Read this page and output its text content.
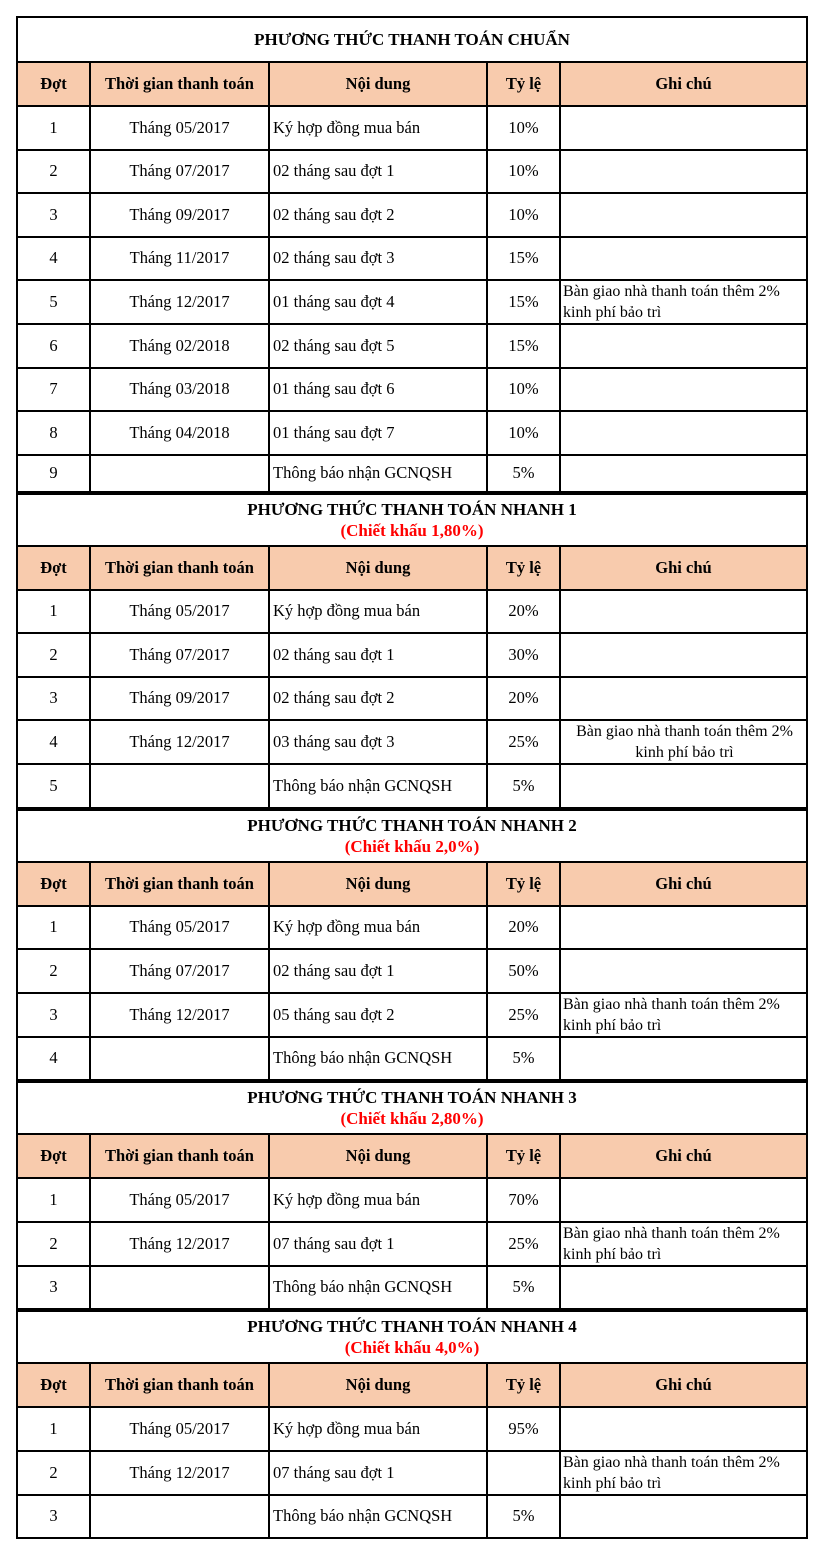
PHƯƠNG THỨC THANH TOÁN CHUẨN				
Đợt	Thời gian thanh toán	Nội dung	Tỷ lệ	Ghi chú
1	Tháng 05/2017	Ký hợp đồng mua bán	10%	
2	Tháng 07/2017	02 tháng sau đợt 1	10%	
3	Tháng 09/2017	02 tháng sau đợt 2	10%	
4	Tháng 11/2017	02 tháng sau đợt 3	15%	
5	Tháng 12/2017	01 tháng sau đợt 4	15%	Bàn giao nhà thanh toán thêm 2% kinh phí bảo trì
6	Tháng 02/2018	02 tháng sau đợt 5	15%	
7	Tháng 03/2018	01 tháng sau đợt 6	10%	
8	Tháng 04/2018	01 tháng sau đợt 7	10%	
9		Thông báo nhận GCNQSH	5%	
PHƯƠNG THỨC THANH TOÁN NHANH 1
(Chiết khấu 1,80%)				

Đợt	Thời gian thanh toán	Nội dung	Tỷ lệ	Ghi chú
1	Tháng 05/2017	Ký hợp đồng mua bán	20%	
2	Tháng 07/2017	02 tháng sau đợt 1	30%	
3	Tháng 09/2017	02 tháng sau đợt 2	20%	
4	Tháng 12/2017	03 tháng sau đợt 3	25%	Bàn giao nhà thanh toán thêm 2% kinh phí bảo trì
5		Thông báo nhận GCNQSH	5%	
PHƯƠNG THỨC THANH TOÁN NHANH 2
(Chiết khấu 2,0%)				

Đợt	Thời gian thanh toán	Nội dung	Tỷ lệ	Ghi chú
1	Tháng 05/2017	Ký hợp đồng mua bán	20%	
2	Tháng 07/2017	02 tháng sau đợt 1	50%	
3	Tháng 12/2017	05 tháng sau đợt 2	25%	Bàn giao nhà thanh toán thêm 2% kinh phí bảo trì
4		Thông báo nhận GCNQSH	5%	
PHƯƠNG THỨC THANH TOÁN NHANH 3
(Chiết khấu 2,80%)				

Đợt	Thời gian thanh toán	Nội dung	Tỷ lệ	Ghi chú
1	Tháng 05/2017	Ký hợp đồng mua bán	70%	
2	Tháng 12/2017	07 tháng sau đợt 1	25%	Bàn giao nhà thanh toán thêm 2% kinh phí bảo trì
3		Thông báo nhận GCNQSH	5%	
PHƯƠNG THỨC THANH TOÁN NHANH 4
(Chiết khấu 4,0%)				

Đợt	Thời gian thanh toán	Nội dung	Tỷ lệ	Ghi chú
1	Tháng 05/2017	Ký hợp đồng mua bán	95%	
2	Tháng 12/2017	07 tháng sau đợt 1		Bàn giao nhà thanh toán thêm 2% kinh phí bảo trì
3		Thông báo nhận GCNQSH	5%	
